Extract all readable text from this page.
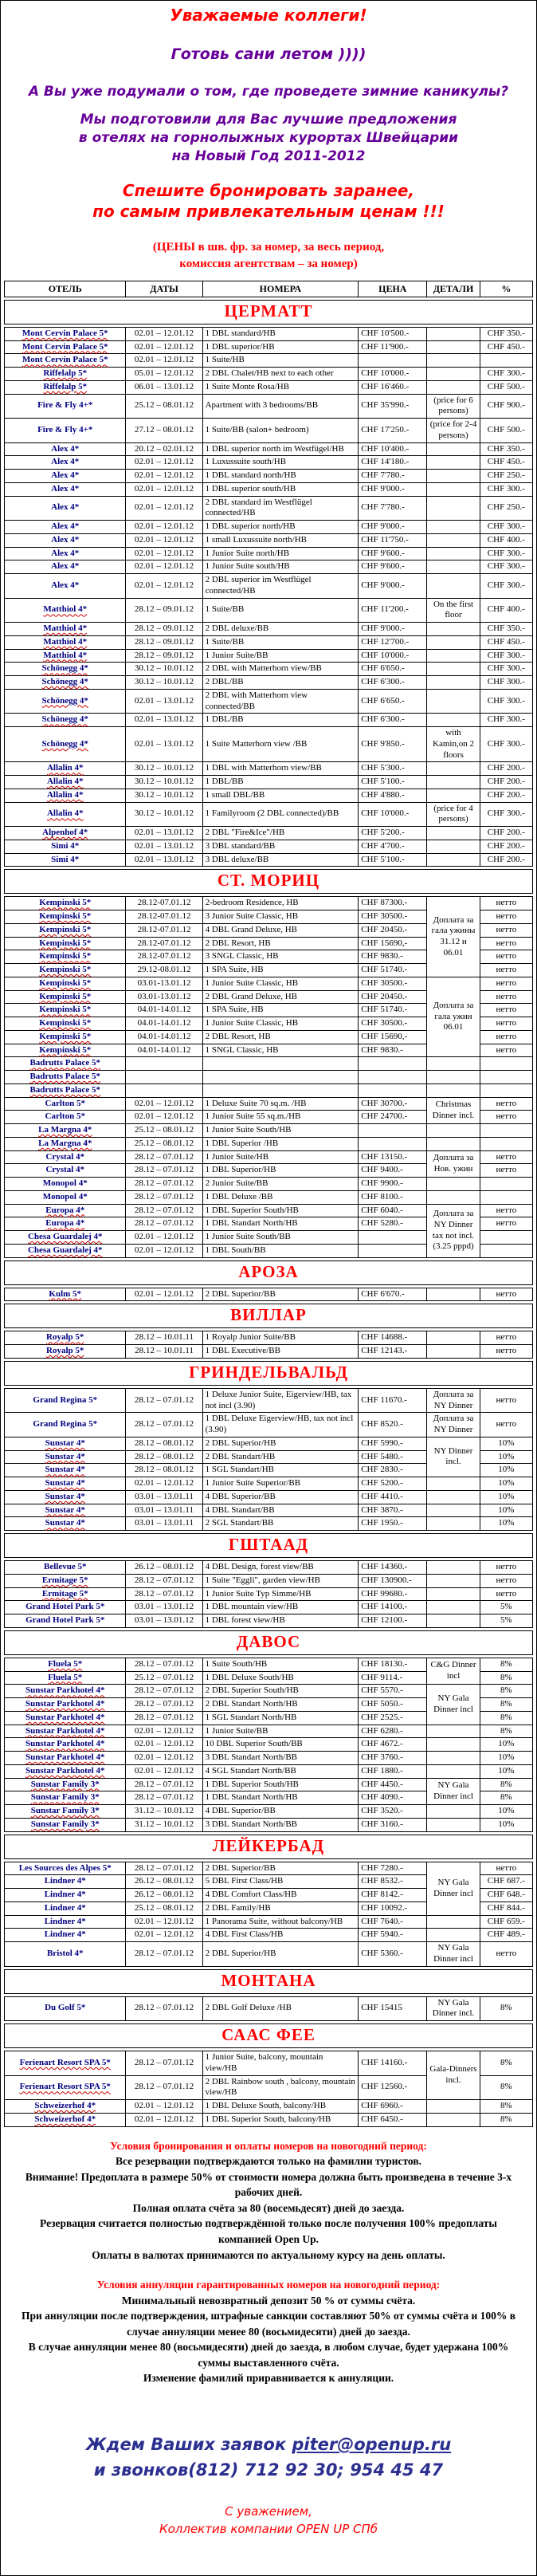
Уважаемые коллеги!
Готовь сани летом ))))
А Вы уже подумали о том, где проведете зимние каникулы?
Мы подготовили для Вас лучшие предложения
в отелях на горнолыжных курортах Швейцарии
на Новый Год 2011-2012
Спешите бронировать заранее,
по самым привлекательным ценам !!!
(ЦЕНЫ в шв. фр. за номер, за весь период,
комиссия агентствам – за номер)
ОТЕЛЬ	ДАТЫ	НОМЕРА	ЦЕНА	ДЕТАЛИ	%
ЦЕРМАТТ
Mont Cervin Palace 5*	02.01 – 12.01.12	1 DBL standard/HB	CHF 10'500.-		CHF 350.-
Mont Cervin Palace 5*	02.01 – 12.01.12	1 DBL superior/HB	CHF 11'900.-		CHF 450.-
Mont Cervin Palace 5*	02.01 – 12.01.12	1 Suite/HB			
Riffelalp 5*	05.01 – 12.01.12	2 DBL Chalet/HB next to each other	CHF 10'000.-		CHF 300.-
Riffelalp 5*	06.01 – 13.01.12	1 Suite Monte Rosa/HB	CHF 16'460.-		CHF 500.-
Fire & Fly 4+*	25.12 – 08.01.12	Apartment with 3 bedrooms/BB	CHF 35'990.-	(price for 6 persons)	CHF 900.-
Fire & Fly 4+*	27.12 – 08.01.12	1 Suite/BB (salon+ bedroom)	CHF 17'250.-	(price for 2-4 persons)	CHF 500.-
Alex 4*	20.12 – 02.01.12	1 DBL superior north im Westfügel/HB	CHF 10'400.-		CHF 350.-
Alex 4*	02.01 – 12.01.12	1 Luxussuite south/HB	CHF 14'180.-		CHF 450.-
Alex 4*	02.01 – 12.01.12	1 DBL standard north/HB	CHF 7'780.-		CHF 250.-
Alex 4*	02.01 – 12.01.12	1 DBL superior south/HB	CHF 9'000.-		CHF 300.-
Alex 4*	02.01 – 12.01.12	2 DBL standard im Westflügel connected/HB	CHF 7'780.-		CHF 250.-
Alex 4*	02.01 – 12.01.12	1 DBL superior north/HB	CHF 9'000.-		CHF 300.-
Alex 4*	02.01 – 12.01.12	1 small Luxussuite north/HB	CHF 11'750.-		CHF 400.-
Alex 4*	02.01 – 12.01.12	1 Junior Suite north/HB	CHF 9'600.-		CHF 300.-
Alex 4*	02.01 – 12.01.12	1 Junior Suite south/HB	CHF 9'600.-		CHF 300.-
Alex 4*	02.01 – 12.01.12	2 DBL superior im Westflügel connected/HB	CHF 9'000.-		CHF 300.-
Matthiol 4*	28.12 – 09.01.12	1 Suite/BB	CHF 11'200.-	On the first floor	CHF 400.-
Matthiol 4*	28.12 – 09.01.12	2 DBL deluxe/BB	CHF 9'000.-		CHF 350.-
Matthiol 4*	28.12 – 09.01.12	1 Suite/BB	CHF 12'700.-		CHF 450.-
Matthiol 4*	28.12 – 09.01.12	1 Junior Suite/BB	CHF 10'000.-		CHF 300.-
Schönegg 4*	30.12 – 10.01.12	2 DBL with Matterhorn view/BB	CHF 6'650.-		CHF 300.-
Schönegg 4*	30.12 – 10.01.12	2 DBL/BB	CHF 6'300.-		CHF 300.-
Schönegg 4*	02.01 – 13.01.12	2 DBL with Matterhorn view connected/BB	CHF 6'650.-		CHF 300.-
Schönegg 4*	02.01 – 13.01.12	1 DBL/BB	CHF 6'300.-		CHF 300.-
Schönegg 4*	02.01 – 13.01.12	1 Suite Matterhorn view /BB	CHF 9'850.-	with Kamin,on 2 floors	CHF 300.-
Allalin 4*	30.12 – 10.01.12	1 DBL with Matterhorn view/BB	CHF 5'300.-		CHF 200.-
Allalin 4*	30.12 – 10.01.12	1 DBL/BB	CHF 5'100.-		CHF 200.-
Allalin 4*	30.12 – 10.01.12	1 small DBL/BB	CHF 4'880.-		CHF 200.-
Allalin 4*	30.12 – 10.01.12	1 Familyroom (2 DBL connected)/BB	CHF 10'000.-	(price for 4 persons)	CHF 300.-
Alpenhof 4*	02.01 – 13.01.12	2 DBL "Fire&Ice"/HB	CHF 5'200.-		CHF 200.-
Simi 4*	02.01 – 13.01.12	3 DBL standard/BB	CHF 4'700.-		CHF 200.-
Simi 4*	02.01 – 13.01.12	3 DBL deluxe/BB	CHF 5'100.-		CHF 200.-
СТ. МОРИЦ
Kempinski 5*	28.12-07.01.12	2-bedroom Residence, HB	CHF 87300.-	Доплата за гала ужины 31.12 и 06.01	нетто
Kempinski 5*	28.12-07.01.12	3 Junior Suite Classic, HB	CHF 30500.-		нетто
Kempinski 5*	28.12-07.01.12	4 DBL Grand Deluxe, HB	CHF 20450.-		нетто
Kempinski 5*	28.12-07.01.12	2 DBL Resort, HB	CHF 15690,-		нетто
Kempinski 5*	28.12-07.01.12	3 SNGL Classic, HB	CHF 9830.-		нетто
Kempinski 5*	29.12-08.01.12	1 SPA Suite, HB	CHF 51740.-		нетто
Kempinski 5*	03.01-13.01.12	1 Junior Suite Classic, HB	CHF 30500.-	Доплата за гала ужин 06.01	нетто
Kempinski 5*	03.01-13.01.12	2 DBL Grand Deluxe, HB	CHF 20450.-		нетто
Kempinski 5*	04.01-14.01.12	1 SPA Suite, HB	CHF 51740.-		нетто
Kempinski 5*	04.01-14.01.12	1 Junior Suite Classic, HB	CHF 30500.-		нетто
Kempinski 5*	04.01-14.01.12	2 DBL Resort, HB	CHF 15690,-		нетто
Kempinski 5*	04.01-14.01.12	1 SNGL Classic, HB	CHF 9830.-		нетто
Badrutts Palace 5*					
Badrutts Palace 5*					
Badrutts Palace 5*					
Carlton 5*	02.01 – 12.01.12	1 Deluxe Suite 70 sq.m. /HB	CHF 30700.-	Christmas Dinner incl.	нетто
Carlton 5*	02.01 – 12.01.12	1 Junior Suite 55 sq.m./HB	CHF 24700.-		нетто
La Margna 4*	25.12 – 08.01.12	1 Junior Suite South/HB			
La Margna 4*	25.12 – 08.01.12	1 DBL Superior /HB			
Crystal 4*	28.12 – 07.01.12	1 Junior Suite/HB	CHF 13150.-	Доплата за Нов. ужин	нетто
Crystal 4*	28.12 – 07.01.12	1 DBL Superior/HB	CHF 9400.-		нетто
Monopol 4*	28.12 – 07.01.12	2 Junior Suite/BB	CHF 9900.-		
Monopol 4*	28.12 – 07.01.12	1 DBL Deluxe /BB	CHF 8100.-		
Europa 4*	28.12 – 07.01.12	1 DBL Superior South/HB	CHF 6040.-	Доплата за NY Dinner tax not incl. (3.25 pppd)	нетто
Europa 4*	28.12 – 07.01.12	1 DBL Standart North/HB	CHF 5280.-		нетто
Chesa Guardalej 4*	02.01 – 12.01.12	1 Junior Suite South/BB			
Chesa Guardalej 4*	02.01 – 12.01.12	1 DBL South/BB			
АРОЗА
Kulm 5*	02.01 – 12.01.12	2 DBL Superior/BB	CHF 6'670.-		нетто
ВИЛЛАР
Royalp 5*	28.12 – 10.01.11	1 Royalp Junior Suite/BB	CHF 14688.-		нетто
Royalp 5*	28.12 – 10.01.11	1 DBL Executive/BB	CHF 12143.-		нетто
ГРИНДЕЛЬВАЛЬД
Grand Regina 5*	28.12 – 07.01.12	1 Deluxe Junior Suite, Eigerview/HB, tax not incl (3.90)	CHF 11670.-	Доплата за NY Dinner	нетто
Grand Regina 5*	28.12 – 07.01.12	1 DBL Deluxe Eigerview/HB, tax not incl (3.90)	CHF 8520.-	Доплата за NY Dinner	нетто
Sunstar 4*	28.12 – 08.01.12	2 DBL Superior/HB	CHF 5990.-	NY Dinner incl.	10%
Sunstar 4*	28.12 – 08.01.12	2 DBL Standart/HB	CHF 5480.-		10%
Sunstar 4*	28.12 – 08.01.12	1 SGL Standart/HB	CHF 2830.-		10%
Sunstar 4*	02.01 – 12.01.12	1 Junior Suite Superior/BB	CHF 5200.-		10%
Sunstar 4*	03.01 – 13.01.11	4 DBL Superior/BB	CHF 4410.-		10%
Sunstar 4*	03.01 – 13.01.11	4 DBL Standart/BB	CHF 3870.-		10%
Sunstar 4*	03.01 – 13.01.11	2 SGL Standart/BB	CHF 1950.-		10%
ГШТААД
Bellevue 5*	26.12 – 08.01.12	4 DBL Design, forest view/BB	CHF 14360.-		нетто
Ermitage 5*	28.12 – 07.01.12	1 Suite "Eggli", garden view/HB	CHF 130900.-		нетто
Ermitage 5*	28.12 – 07.01.12	1 Junior Suite Typ Simme/HB	CHF 99680.-		нетто
Grand Hotel Park 5*	03.01 – 13.01.12	1 DBL mountain view/HB	CHF 14100.-		5%
Grand Hotel Park 5*	03.01 – 13.01.12	1 DBL forest view/HB	CHF 12100.-		5%
ДАВОС
Fluela 5*	28.12 – 07.01.12	1 Suite South/HB	CHF 18130.-	C&G Dinner incl	8%
Fluela 5*	25.12 – 07.01.12	1 DBL Deluxe South/HB	CHF 9114.-		8%
Sunstar Parkhotel 4*	28.12 – 07.01.12	2 DBL Superior South/HB	CHF 5570.-	NY Gala Dinner incl	8%
Sunstar Parkhotel 4*	28.12 – 07.01.12	2 DBL Standart North/HB	CHF 5050.-		8%
Sunstar Parkhotel 4*	28.12 – 07.01.12	1 SGL Standart North/HB	CHF 2525.-		8%
Sunstar Parkhotel 4*	02.01 – 12.01.12	1 Junior Suite/BB	CHF 6280.-		8%
Sunstar Parkhotel 4*	02.01 – 12.01.12	10 DBL Superior South/BB	CHF 4672.-		10%
Sunstar Parkhotel 4*	02.01 – 12.01.12	3 DBL Standart North/BB	CHF 3760.-		10%
Sunstar Parkhotel 4*	02.01 – 12.01.12	4 SGL Standart North/BB	CHF 1880.-		10%
Sunstar Family 3*	28.12 – 07.01.12	1 DBL Superior South/HB	CHF 4450.-	NY Gala Dinner incl	8%
Sunstar Family 3*	28.12 – 07.01.12	1 DBL Standart North/HB	CHF 4090.-		8%
Sunstar Family 3*	31.12 – 10.01.12	4 DBL Superior/BB	CHF 3520.-		10%
Sunstar Family 3*	31.12 – 10.01.12	3 DBL Standart North/BB	CHF 3160.-		10%
ЛЕЙКЕРБАД
Les Sources des Alpes 5*	28.12 – 07.01.12	2 DBL Superior/BB	CHF 7280.-	NY Gala Dinner incl	нетто
Lindner 4*	26.12 – 08.01.12	5 DBL First Class/HB	CHF 8532.-		CHF 687.-
Lindner 4*	26.12 – 08.01.12	4 DBL Comfort Class/HB	CHF 8142.-		CHF 648.-
Lindner 4*	25.12 – 08.01.12	2 DBL Family/HB	CHF 10092.-		CHF 844.-
Lindner 4*	02.01 – 12.01.12	1 Panorama Suite, without balcony/HB	CHF 7640.-		CHF 659.-
Lindner 4*	02.01 – 12.01.12	4 DBL First Class/HB	CHF 5940.-		CHF 489.-
Bristol 4*	28.12 – 07.01.12	2 DBL Superior/HB	CHF 5360.-	NY Gala Dinner incl	нетто
МОНТАНА
Du Golf 5*	28.12 – 07.01.12	2 DBL Golf Deluxe /HB	CHF 15415	NY Gala Dinner incl.	8%
СААС ФЕЕ
Ferienart Resort SPA 5*	28.12 – 07.01.12	1 Junior Suite, balcony, mountain view/HB	CHF 14160.-	Gala-Dinners incl.	8%
Ferienart Resort SPA 5*	28.12 – 07.01.12	2 DBL Rainbow south , balcony, mountain view/HB	CHF 12560.-		8%
Schweizerhof 4*	02.01 – 12.01.12	1 DBL Deluxe South, balcony/HB	CHF 6960.-		8%
Schweizerhof 4*	02.01 – 12.01.12	1 DBL Superior South, balcony/HB	CHF 6450.-		8%
Условия бронирования и оплаты номеров на новогодний период:
Все резервации подтверждаются только на фамилии туристов.
Внимание! Предоплата в размере 50% от стоимости номера должна быть произведена в течение 3-х рабочих дней.
Полная оплата счёта за 80 (восемьдесят) дней до заезда.
Резервация считается полностью подтверждённой только после получения 100% предоплаты компанией Open Up.
Оплаты в валютах принимаются по актуальному курсу на день оплаты.
Условия аннуляции гарантированных номеров на новогодний период:
Минимальный невозвратный депозит 50 % от суммы счёта.
При аннуляции после подтверждения, штрафные санкции составляют 50% от суммы счёта и 100% в случае аннуляции менее 80 (восьмидесяти) дней до заезда.
В случае аннуляции менее 80 (восьмидесяти) дней до заезда, в любом случае, будет удержана 100% суммы выставленного счёта.
Изменение фамилий приравнивается к аннуляции.
Ждем Ваших заявок piter@openup.ru
и звонков(812) 712 92 30; 954 45 47
С уважением,
Коллектив компании OPEN UP СПб
